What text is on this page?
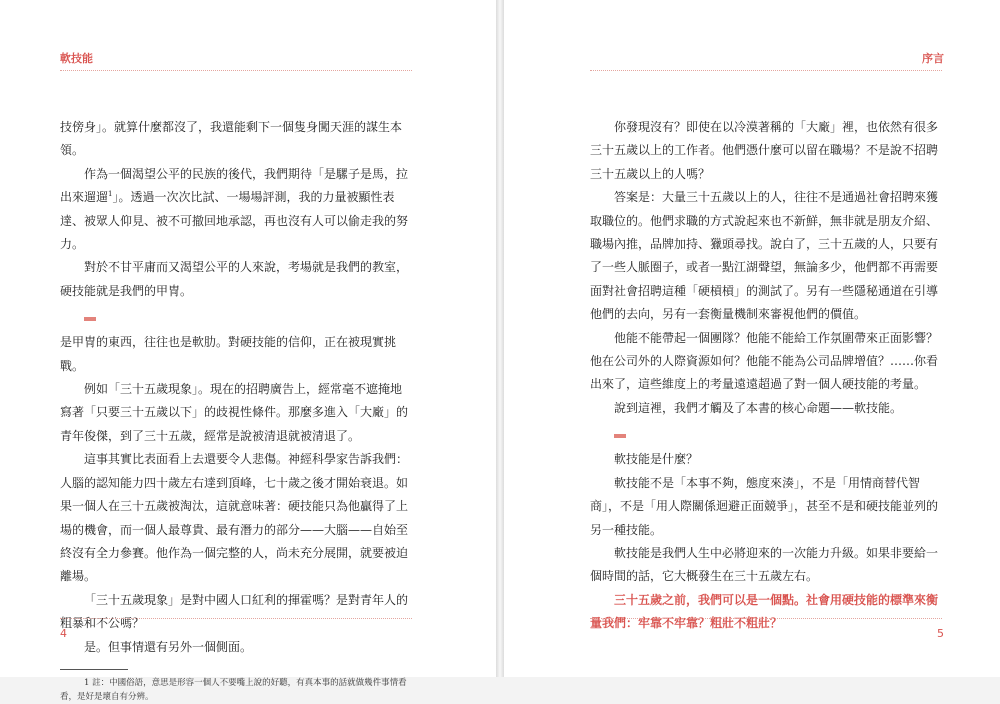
軟技能

技傍身」。就算什麼都沒了，我還能剩下一個隻身闖天涯的謀生本領。

作為一個渴望公平的民族的後代，我們期待「是騾子是馬，拉出來遛遛$^1$」。透過一次次比試、一場場評測，我的力量被顯性表達、被眾人仰見、被不可撤回地承認，再也沒有人可以偷走我的努力。

對於不甘平庸而又渴望公平的人來說，考場就是我們的教室，硬技能就是我們的甲冑。

是甲冑的東西，往往也是軟肋。對硬技能的信仰，正在被現實挑戰。

例如「三十五歲現象」。現在的招聘廣告上，經常毫不遮掩地寫著「只要三十五歲以下」的歧視性條件。那麼多進入「大廠」的青年俊傑，到了三十五歲，經常是說被清退就被清退了。

這事其實比表面看上去還要令人悲傷。神經科學家告訴我們：人腦的認知能力四十歲左右達到頂峰，七十歲之後才開始衰退。如果一個人在三十五歲被淘汰，這就意味著：硬技能只為他贏得了上場的機會，而一個人最尊貴、最有潛力的部分——大腦——自始至終沒有全力參賽。他作為一個完整的人，尚未充分展開，就要被迫離場。

「三十五歲現象」是對中國人口紅利的揮霍嗎？是對青年人的粗暴和不公嗎？

是。但事情還有另外一個側面。

1 註：中國俗語，意思是形容一個人不要嘴上說的好聽，有真本事的話就做幾件事情看看，是好是壞自有分辨。

4
序言

你發現沒有？即使在以冷漠著稱的「大廠」裡，也依然有很多三十五歲以上的工作者。他們憑什麼可以留在職場？不是說不招聘三十五歲以上的人嗎？

答案是：大量三十五歲以上的人，往往不是通過社會招聘來獲取職位的。他們求職的方式說起來也不新鮮，無非就是朋友介紹、職場內推，品牌加持、獵頭尋找。說白了，三十五歲的人，只要有了一些人脈圈子，或者一點江湖聲望，無論多少，他們都不再需要面對社會招聘這種「硬槓槓」的測試了。另有一些隱秘通道在引導他們的去向，另有一套衡量機制來審視他們的價值。

他能不能帶起一個團隊？他能不能給工作氛圍帶來正面影響？他在公司外的人際資源如何？他能不能為公司品牌增值？……你看出來了，這些維度上的考量遠遠超過了對一個人硬技能的考量。

說到這裡，我們才觸及了本書的核心命題——軟技能。

軟技能是什麼？

軟技能不是「本事不夠，態度來湊」，不是「用情商替代智商」，不是「用人際關係迴避正面競爭」，甚至不是和硬技能並列的另一種技能。

軟技能是我們人生中必將迎來的一次能力升級。如果非要給一個時間的話，它大概發生在三十五歲左右。

三十五歲之前，我們可以是一個點。社會用硬技能的標準來衡量我們：牢靠不牢靠？粗壯不粗壯？

5
